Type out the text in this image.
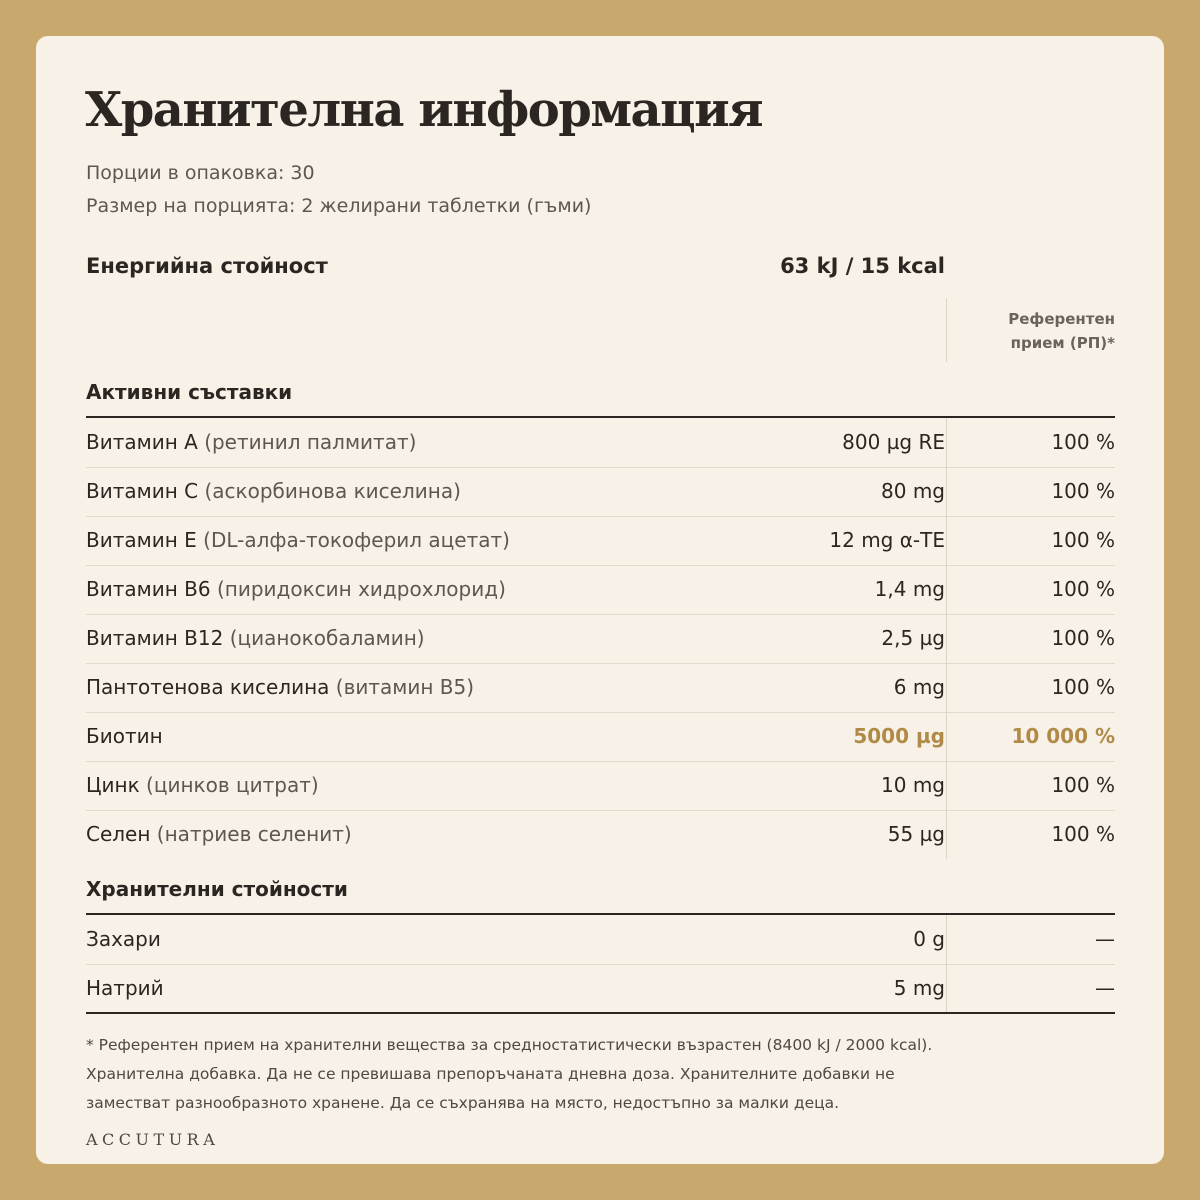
Хранителна информация
Порции в опаковка: 30
Размер на порцията: 2 желирани таблетки (гъми)
Енергийна стойност	63 kJ / 15 kcal
Референтен
прием (РП)*
Активни съставки
Витамин A (ретинил палмитат)	800 µg RE	100 %
Витамин C (аскорбинова киселина)	80 mg	100 %
Витамин E (DL-алфа-токоферил ацетат)	12 mg α-TE	100 %
Витамин B6 (пиридоксин хидрохлорид)	1,4 mg	100 %
Витамин B12 (цианокобаламин)	2,5 µg	100 %
Пантотенова киселина (витамин B5)	6 mg	100 %
Биотин	5000 µg	10 000 %
Цинк (цинков цитрат)	10 mg	100 %
Селен (натриев селенит)	55 µg	100 %
Хранителни стойности
Захари	0 g	—
Натрий	5 mg	—
* Референтен прием на хранителни вещества за средностатистически възрастен (8400 kJ / 2000 kcal).
Хранителна добавка. Да не се превишава препоръчаната дневна доза. Хранителните добавки не
заместват разнообразното хранене. Да се съхранява на място, недостъпно за малки деца.
ACCUTURA
